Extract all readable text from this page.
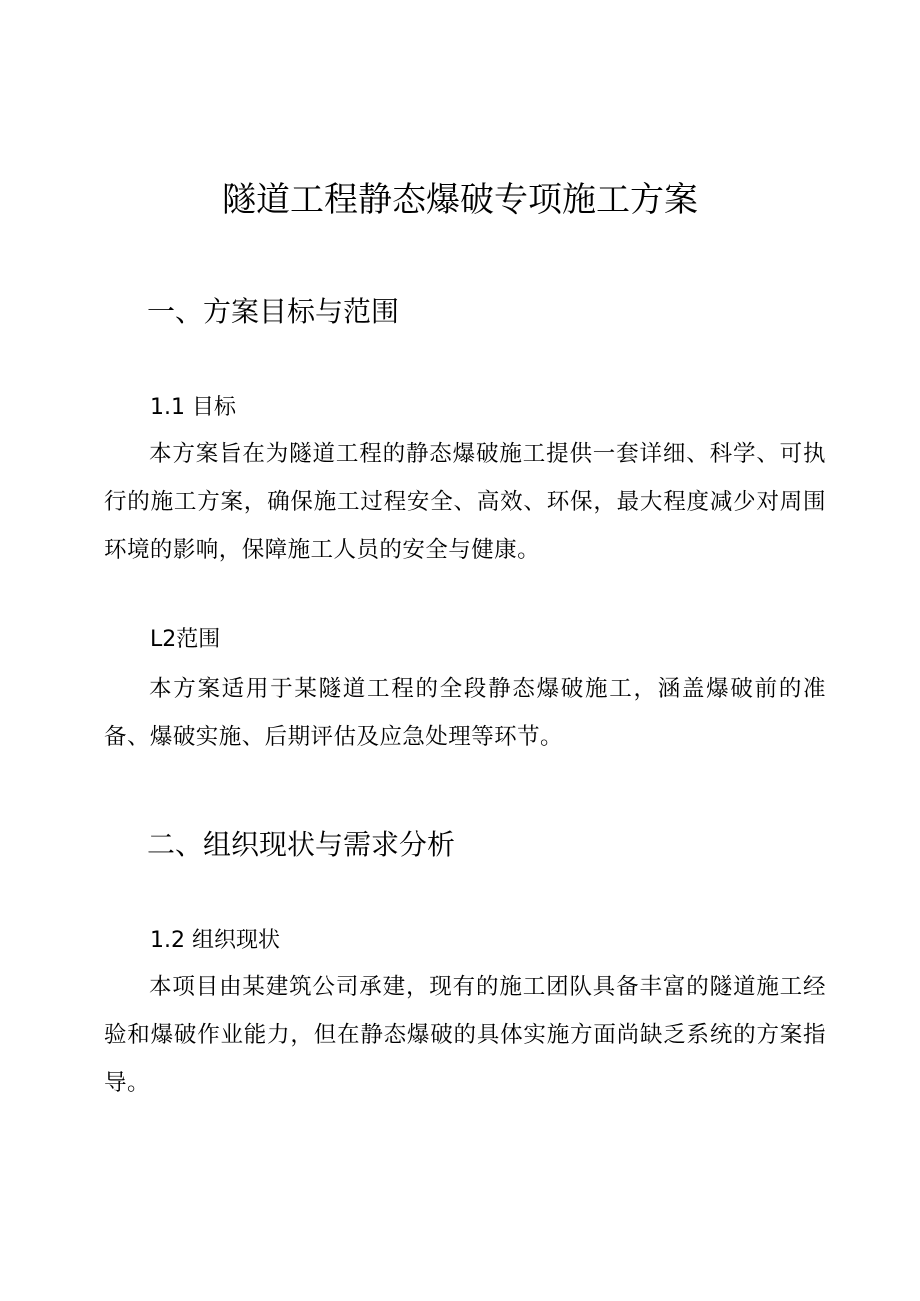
隧道工程静态爆破专项施工方案
一、方案目标与范围
1.1 目标

本方案旨在为隧道工程的静态爆破施工提供一套详细、科学、可执行的施工方案，确保施工过程安全、高效、环保，最大程度减少对周围环境的影响，保障施工人员的安全与健康。

L2范围

本方案适用于某隧道工程的全段静态爆破施工，涵盖爆破前的准备、爆破实施、后期评估及应急处理等环节。

二、组织现状与需求分析
1.2 组织现状

本项目由某建筑公司承建，现有的施工团队具备丰富的隧道施工经验和爆破作业能力，但在静态爆破的具体实施方面尚缺乏系统的方案指导。
